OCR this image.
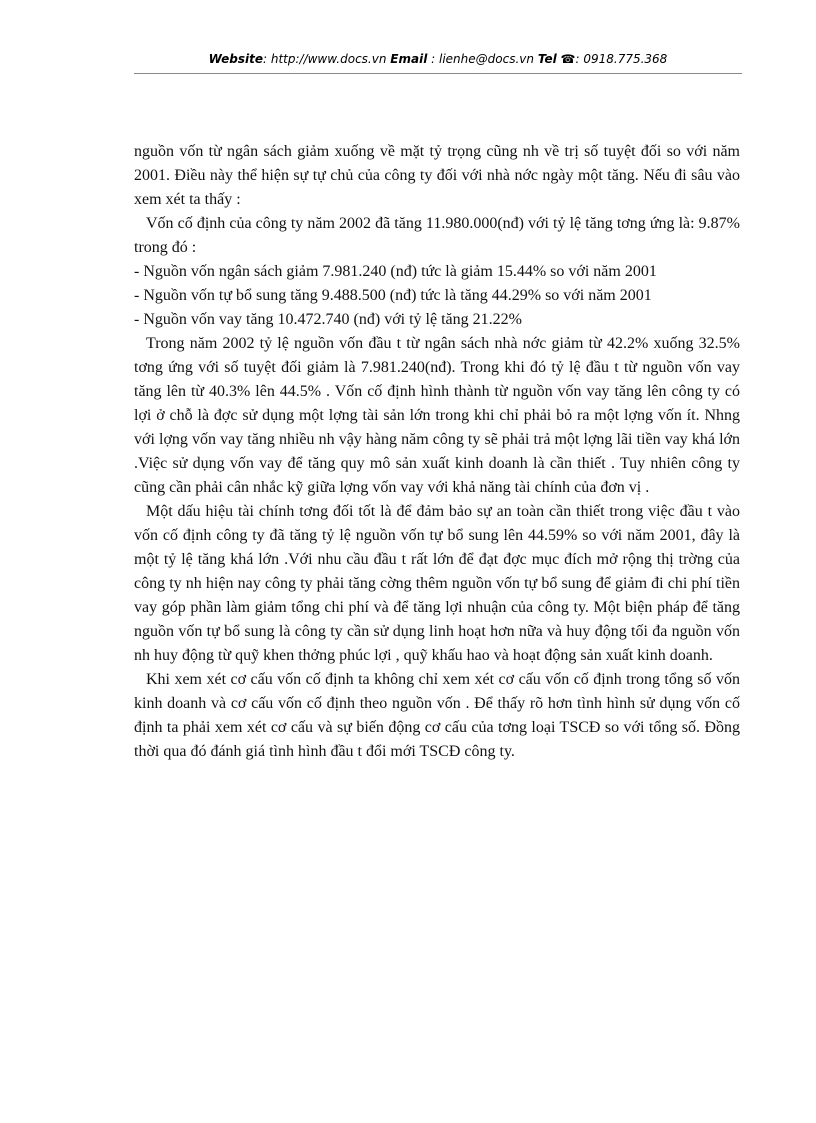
Website: http://www.docs.vn Email : lienhe@docs.vn Tel ☎: 0918.775.368

nguồn vốn từ ngân sách giảm xuống về mặt tỷ trọng cũng nh về trị số tuyệt đối so với năm 2001. Điều này thể hiện sự tự chủ của công ty đối với nhà nớc ngày một tăng. Nếu đi sâu vào xem xét ta thấy :

Vốn cố định của công ty năm 2002 đã tăng 11.980.000(nđ) với tỷ lệ tăng tơng ứng là: 9.87% trong đó :

- Nguồn vốn ngân sách giảm 7.981.240 (nđ) tức là giảm 15.44% so với năm 2001

- Nguồn vốn tự bổ sung tăng 9.488.500 (nđ) tức là tăng 44.29% so với năm 2001

- Nguồn vốn vay tăng 10.472.740 (nđ) với tỷ lệ tăng 21.22%

Trong năm 2002 tỷ lệ nguồn vốn đầu t từ ngân sách nhà nớc giảm từ 42.2% xuống 32.5% tơng ứng với số tuyệt đối giảm là 7.981.240(nđ). Trong khi đó tỷ lệ đầu t từ nguồn vốn vay tăng lên từ 40.3% lên 44.5% . Vốn cố định hình thành từ nguồn vốn vay tăng lên công ty có lợi ở chỗ là đợc sử dụng một lợng tài sản lớn trong khi chỉ phải bỏ ra một lợng vốn ít. Nhng với lợng vốn vay tăng nhiều nh vậy hàng năm công ty sẽ phải trả một lợng lãi tiền vay khá lớn .Việc sử dụng vốn vay để tăng quy mô sản xuất kinh doanh là cần thiết . Tuy nhiên công ty cũng cần phải cân nhắc kỹ giữa lợng vốn vay với khả năng tài chính của đơn vị .

Một dấu hiệu tài chính tơng đối tốt là để đảm bảo sự an toàn cần thiết trong việc đầu t vào vốn cố định công ty đã tăng tỷ lệ nguồn vốn tự bổ sung lên 44.59% so với năm 2001, đây là một tỷ lệ tăng khá lớn .Với nhu cầu đầu t rất lớn để đạt đợc mục đích mở rộng thị trờng của công ty nh hiện nay công ty phải tăng cờng thêm nguồn vốn tự bổ sung để giảm đi chi phí tiền vay góp phần làm giảm tổng chi phí và để tăng lợi nhuận của công ty. Một biện pháp để tăng nguồn vốn tự bổ sung là công ty cần sử dụng linh hoạt hơn nữa và huy động tối đa nguồn vốn nh huy động từ quỹ khen thởng phúc lợi , quỹ khấu hao và hoạt động sản xuất kinh doanh.

Khi xem xét cơ cấu vốn cố định ta không chỉ xem xét cơ cấu vốn cố định trong tổng số vốn kinh doanh và cơ cấu vốn cố định theo nguồn vốn . Để thấy rõ hơn tình hình sử dụng vốn cố định ta phải xem xét cơ cấu và sự biến động cơ cấu của tơng loại TSCĐ so với tổng số. Đồng thời qua đó đánh giá tình hình đầu t đổi mới TSCĐ công ty.
